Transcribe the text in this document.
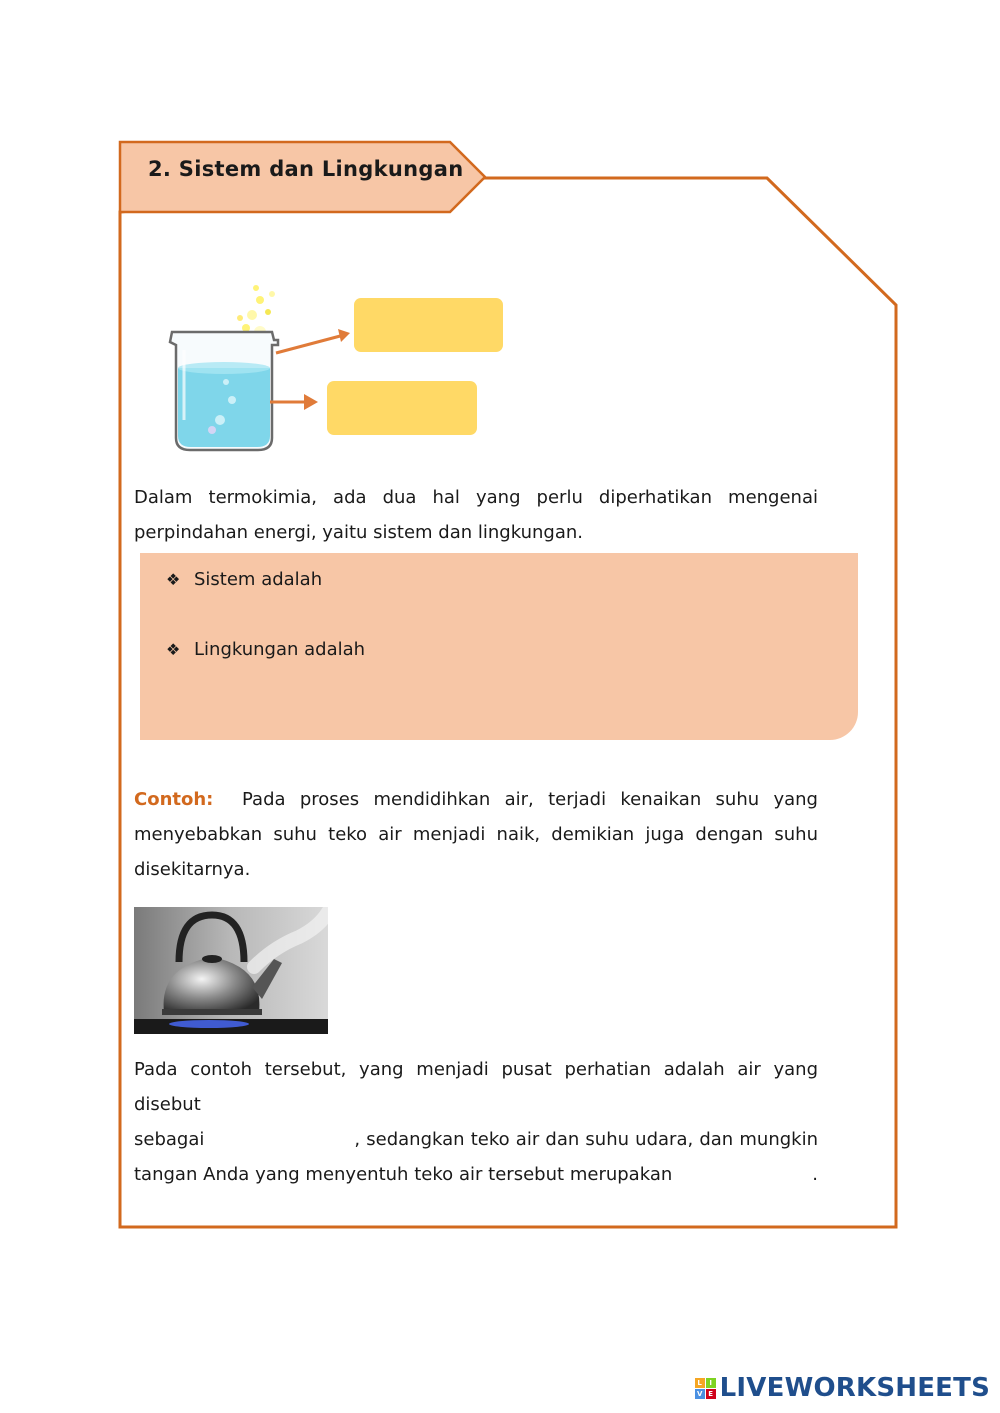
2. Sistem dan Lingkungan
Dalam termokimia, ada dua hal yang perlu diperhatikan mengenai
perpindahan energi, yaitu sistem dan lingkungan.
❖ Sistem adalah
❖ Lingkungan adalah
Contoh: Pada proses mendidihkan air, terjadi kenaikan suhu yang
menyebabkan suhu teko air menjadi naik, demikian juga dengan suhu
disekitarnya.
Pada contoh tersebut, yang menjadi pusat perhatian adalah air yang disebut
sebagai	, sedangkan teko air dan suhu udara, dan mungkin
tangan Anda yang menyentuh teko air tersebut merupakan	.
L	I
V E LIVEWORKSHEETS
